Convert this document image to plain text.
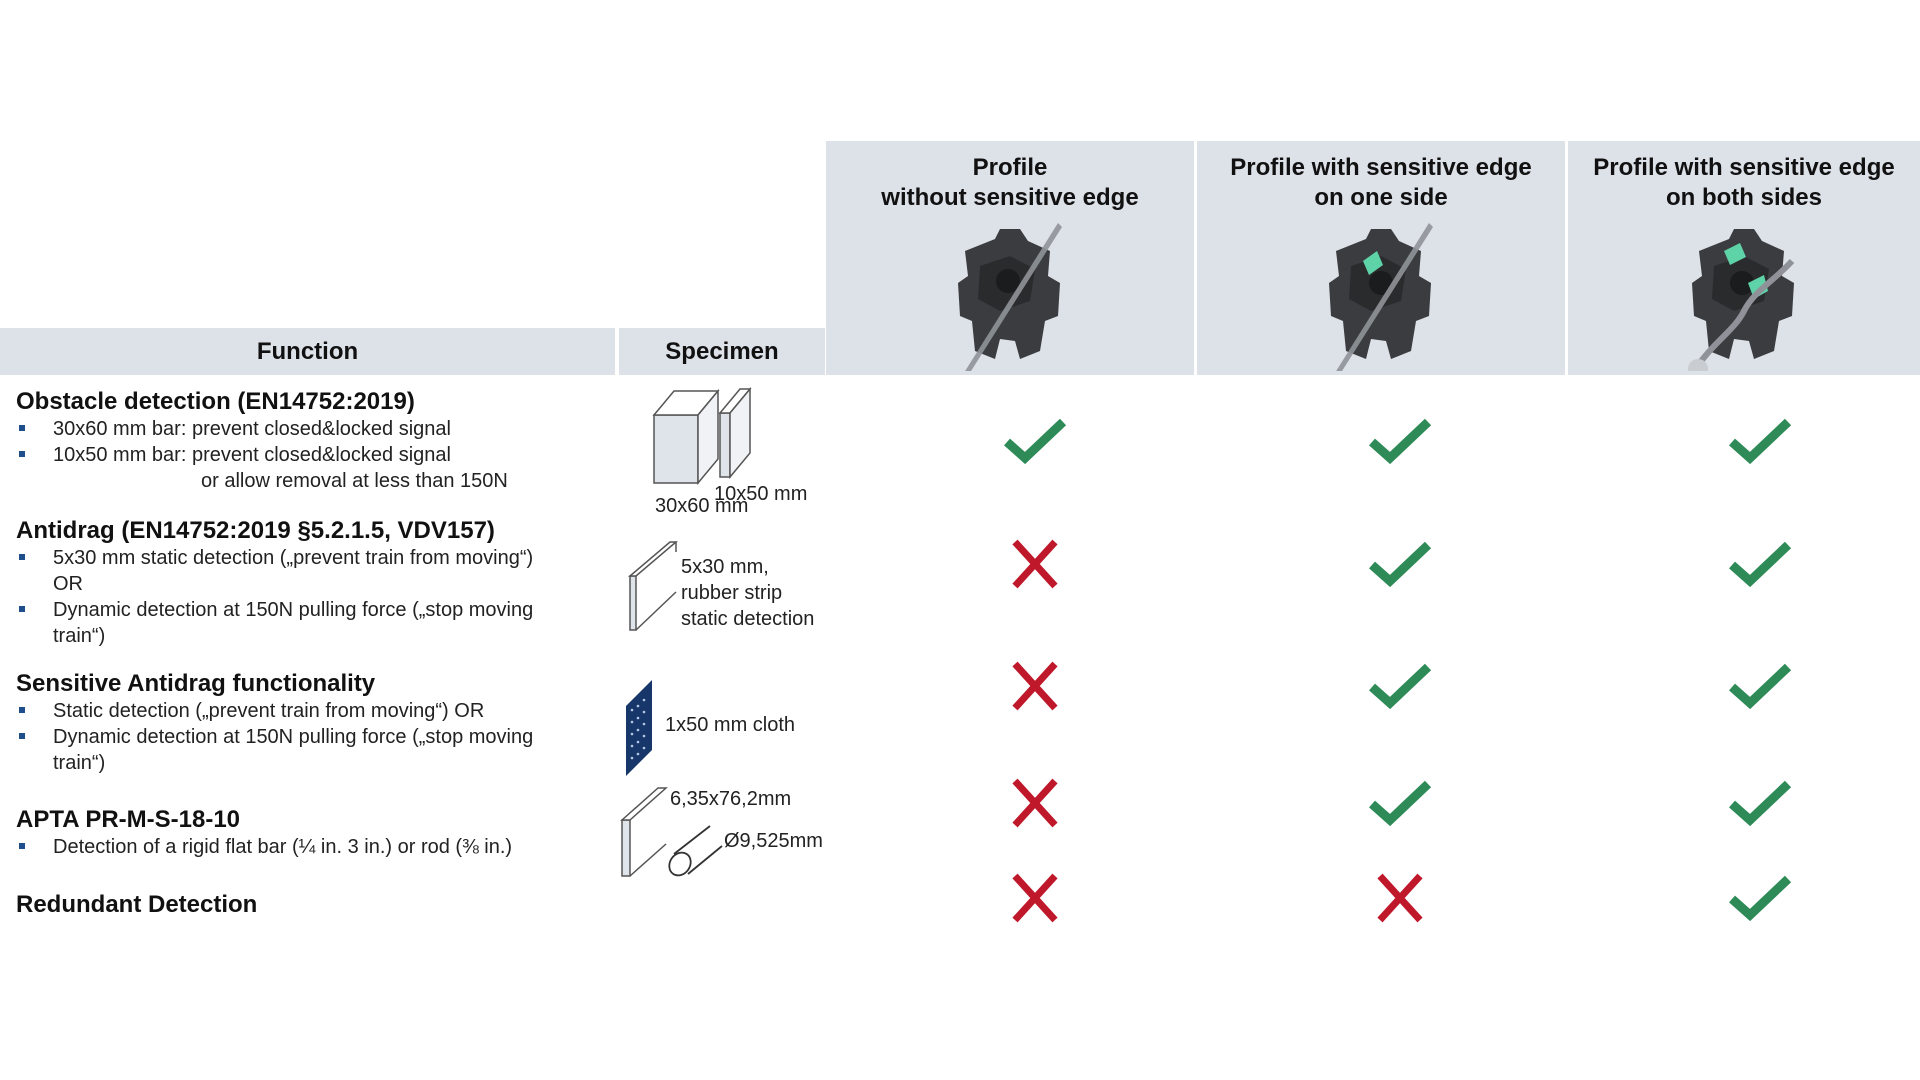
Function	Specimen
Profile
without sensitive edge
Profile with sensitive edge
on one side
Profile with sensitive edge
on both sides
Obstacle detection (EN14752:2019)
30x60 mm bar: prevent closed&locked signal
10x50 mm bar: prevent closed&locked signal
or allow removal at less than 150N
Antidrag (EN14752:2019 §5.2.1.5, VDV157)
5x30 mm static detection („prevent train from moving“)
OR
Dynamic detection at 150N pulling force („stop moving
train“)
Sensitive Antidrag functionality
Static detection („prevent train from moving“) OR
Dynamic detection at 150N pulling force („stop moving
train“)
APTA PR-M-S-18-10
Detection of a rigid flat bar (¼ in. 3 in.) or rod (⅜ in.)
Redundant Detection
30x60 mm
10x50 mm
5x30 mm,
rubber strip
static detection
1x50 mm cloth
6,35x76,2mm
Ø9,525mm
